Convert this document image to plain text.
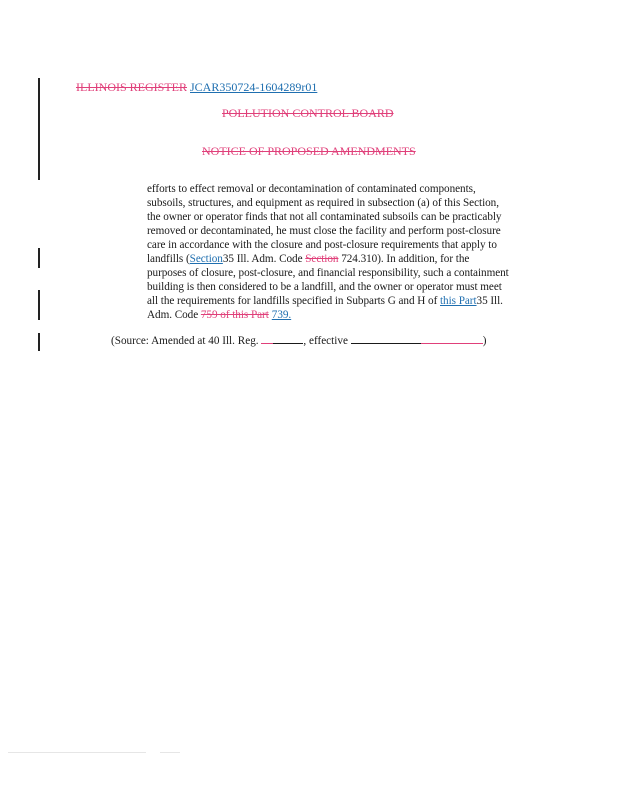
ILLINOIS REGISTER JCAR350724-1604289r01
POLLUTION CONTROL BOARD
NOTICE OF PROPOSED AMENDMENTS
efforts to effect removal or decontamination of contaminated components,
subsoils, structures, and equipment as required in subsection (a) of this Section,
the owner or operator finds that not all contaminated subsoils can be practicably
removed or decontaminated, he must close the facility and perform post-closure
care in accordance with the closure and post-closure requirements that apply to
landfills (Section35 Ill. Adm. Code Section 724.310). In addition, for the
purposes of closure, post-closure, and financial responsibility, such a containment
building is then considered to be a landfill, and the owner or operator must meet
all the requirements for landfills specified in Subparts G and H of this Part35 Ill.
Adm. Code 759 of this Part 739.
(Source: Amended at 40 Ill. Reg.	, effective	)
